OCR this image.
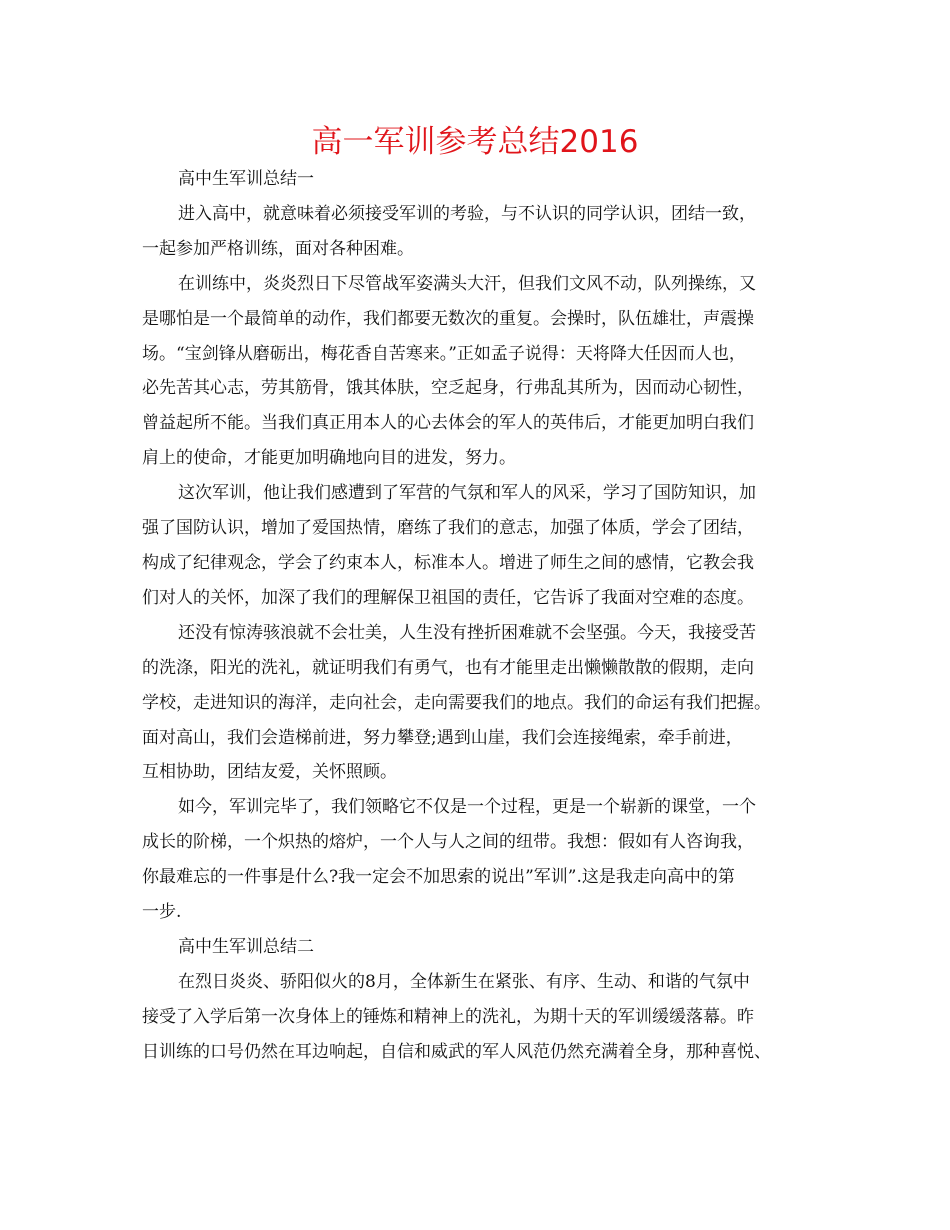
高一军训参考总结2016

高中生军训总结一

进入高中，就意味着必须接受军训的考验，与不认识的同学认识，团结一致，
一起参加严格训练，面对各种困难。

在训练中，炎炎烈日下尽管战军姿满头大汗，但我们文风不动，队列操练，又
是哪怕是一个最简单的动作，我们都要无数次的重复。会操时，队伍雄壮，声震操
场。“宝剑锋从磨砺出，梅花香自苦寒来。”正如孟子说得：天将降大任因而人也，
必先苦其心志，劳其筋骨，饿其体肤，空乏起身，行弗乱其所为，因而动心韧性，
曾益起所不能。当我们真正用本人的心去体会的军人的英伟后，才能更加明白我们
肩上的使命，才能更加明确地向目的进发，努力。

这次军训，他让我们感遭到了军营的气氛和军人的风采，学习了国防知识，加
强了国防认识，增加了爱国热情，磨练了我们的意志，加强了体质，学会了团结，
构成了纪律观念，学会了约束本人，标准本人。增进了师生之间的感情，它教会我
们对人的关怀，加深了我们的理解保卫祖国的责任，它告诉了我面对空难的态度。

还没有惊涛骇浪就不会壮美，人生没有挫折困难就不会坚强。今天，我接受苦
的洗涤，阳光的洗礼，就证明我们有勇气，也有才能里走出懒懒散散的假期，走向
学校，走进知识的海洋，走向社会，走向需要我们的地点。我们的命运有我们把握。
面对高山，我们会造梯前进，努力攀登;遇到山崖，我们会连接绳索，牵手前进，
互相协助，团结友爱，关怀照顾。

如今，军训完毕了，我们领略它不仅是一个过程，更是一个崭新的课堂，一个
成长的阶梯，一个炽热的熔炉，一个人与人之间的纽带。我想：假如有人咨询我，
你最难忘的一件事是什么?我一定会不加思索的说出”军训”.这是我走向高中的第
一步.

高中生军训总结二

在烈日炎炎、骄阳似火的8月，全体新生在紧张、有序、生动、和谐的气氛中
接受了入学后第一次身体上的锤炼和精神上的洗礼，为期十天的军训缓缓落幕。昨
日训练的口号仍然在耳边响起，自信和威武的军人风范仍然充满着全身，那种喜悦、
